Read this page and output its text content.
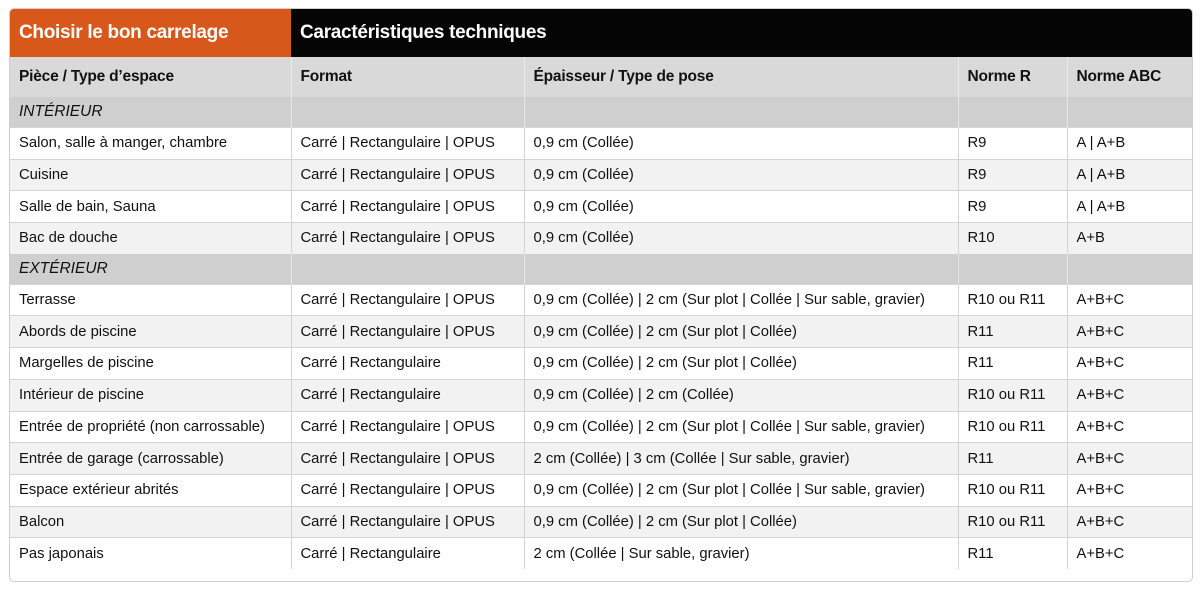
Choisir le bon carrelage	Caractéristiques techniques			
Pièce / Type d’espace	Format	Épaisseur / Type de pose	Norme R	Norme ABC
INTÉRIEUR				
Salon, salle à manger, chambre	Carré | Rectangulaire | OPUS	0,9 cm (Collée)	R9	A | A+B
Cuisine	Carré | Rectangulaire | OPUS	0,9 cm (Collée)	R9	A | A+B
Salle de bain, Sauna	Carré | Rectangulaire | OPUS	0,9 cm (Collée)	R9	A | A+B
Bac de douche	Carré | Rectangulaire | OPUS	0,9 cm (Collée)	R10	A+B
EXTÉRIEUR				
Terrasse	Carré | Rectangulaire | OPUS	0,9 cm (Collée) | 2 cm (Sur plot | Collée | Sur sable, gravier)	R10 ou R11	A+B+C
Abords de piscine	Carré | Rectangulaire | OPUS	0,9 cm (Collée) | 2 cm (Sur plot | Collée)	R11	A+B+C
Margelles de piscine	Carré | Rectangulaire	0,9 cm (Collée) | 2 cm (Sur plot | Collée)	R11	A+B+C
Intérieur de piscine	Carré | Rectangulaire	0,9 cm (Collée) | 2 cm (Collée)	R10 ou R11	A+B+C
Entrée de propriété (non carrossable)	Carré | Rectangulaire | OPUS	0,9 cm (Collée) | 2 cm (Sur plot | Collée | Sur sable, gravier)	R10 ou R11	A+B+C
Entrée de garage (carrossable)	Carré | Rectangulaire | OPUS	2 cm (Collée) | 3 cm (Collée | Sur sable, gravier)	R11	A+B+C
Espace extérieur abrités	Carré | Rectangulaire | OPUS	0,9 cm (Collée) | 2 cm (Sur plot | Collée | Sur sable, gravier)	R10 ou R11	A+B+C
Balcon	Carré | Rectangulaire | OPUS	0,9 cm (Collée) | 2 cm (Sur plot | Collée)	R10 ou R11	A+B+C
Pas japonais	Carré | Rectangulaire	2 cm (Collée | Sur sable, gravier)	R11	A+B+C
